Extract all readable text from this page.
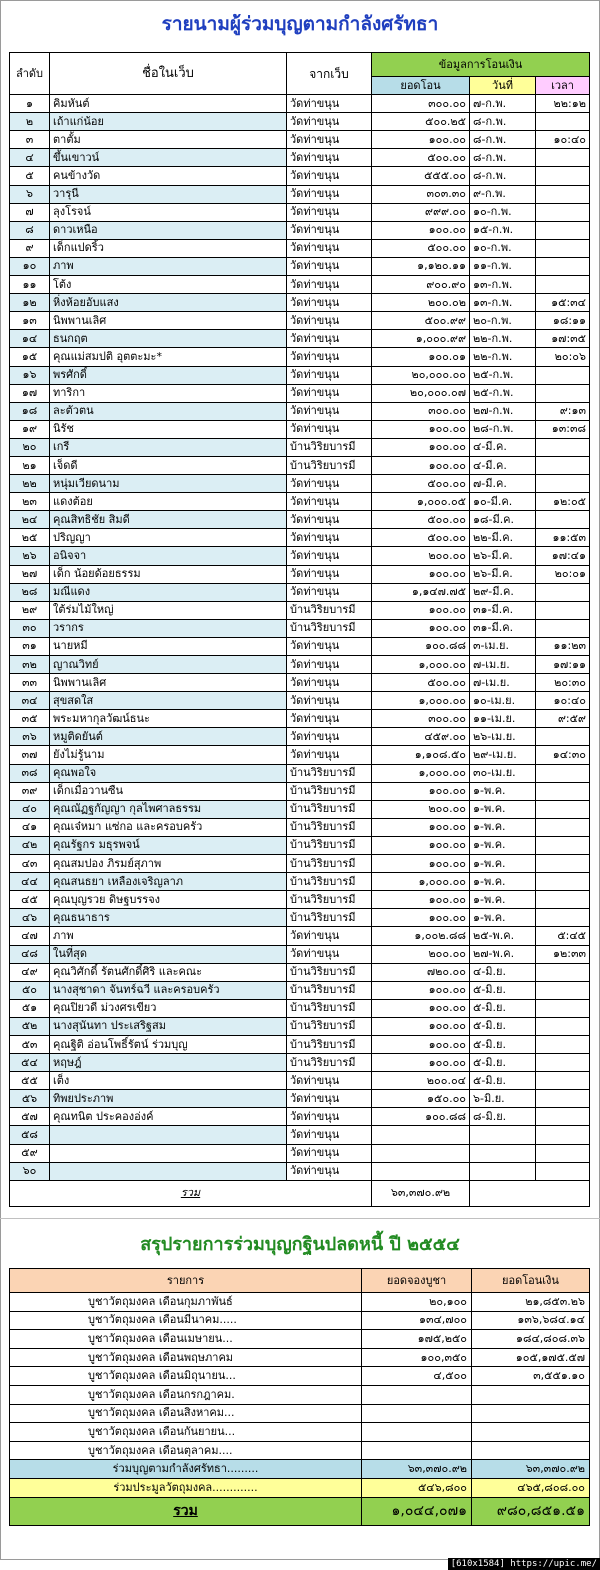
รายนามผู้ร่วมบุญตามกำลังศรัทธา
ลำดับ	ชื่อในเว็บ	จากเว็บ	ข้อมูลการโอนเงิน		
			ยอดโอน	วันที่	เวลา
๑	คิมหันต์	วัดท่าขนุน	๓๐๐.๐๐	๗-ก.พ.	๒๒:๑๒
๒	เถ้าแก่น้อย	วัดท่าขนุน	๕๐๐.๒๕	๘-ก.พ.	
๓	ตาตั้ม	วัดท่าขนุน	๑๐๐.๐๐	๘-ก.พ.	๑๐:๔๐
๔	ขึ้นเขาวน์	วัดท่าขนุน	๕๐๐.๐๐	๘-ก.พ.	
๕	คนข้างวัด	วัดท่าขนุน	๕๕๕.๐๐	๘-ก.พ.	
๖	วารุนี	วัดท่าขนุน	๓๐๓.๓๐	๙-ก.พ.	
๗	ลุงโรจน์	วัดท่าขนุน	๙๙๙.๐๐	๑๐-ก.พ.	
๘	ดาวเหนือ	วัดท่าขนุน	๑๐๐.๐๐	๑๕-ก.พ.	
๙	เด็กแปดริ้ว	วัดท่าขนุน	๕๐๐.๐๐	๑๐-ก.พ.	
๑๐	ภาพ	วัดท่าขนุน	๑,๑๒๐.๑๑	๑๑-ก.พ.	
๑๑	โต้ง	วัดท่าขนุน	๙๐๐.๙๐	๑๓-ก.พ.	
๑๒	หิ่งห้อยอับแสง	วัดท่าขนุน	๒๐๐.๐๒	๑๓-ก.พ.	๑๕:๓๔
๑๓	นิพพานเลิศ	วัดท่าขนุน	๕๐๐.๙๙	๒๐-ก.พ.	๑๘:๑๑
๑๔	ธนกฤต	วัดท่าขนุน	๑,๐๐๐.๙๙	๒๒-ก.พ.	๑๗:๓๕
๑๕	คุณแม่สมปติ อุตตะมะ*	วัดท่าขนุน	๑๐๐.๐๑	๒๒-ก.พ.	๒๐:๐๖
๑๖	พรศักดิ์	วัดท่าขนุน	๒๐,๐๐๐.๐๐	๒๕-ก.พ.	
๑๗	ทาริกา	วัดท่าขนุน	๒๐,๐๐๐.๐๗	๒๕-ก.พ.	
๑๘	ละตัวตน	วัดท่าขนุน	๓๐๐.๐๐	๒๗-ก.พ.	๙:๑๓
๑๙	นิรัช	วัดท่าขนุน	๑๐๐.๐๐	๒๘-ก.พ.	๑๓:๓๘
๒๐	เกรี	บ้านวิริยบารมี	๑๐๐.๐๐	๔-มี.ค.	
๒๑	เจ็ดดี	บ้านวิริยบารมี	๑๐๐.๐๐	๔-มี.ค.	
๒๒	หนุ่มเวียดนาม	วัดท่าขนุน	๕๐๐.๐๐	๗-มี.ค.	
๒๓	แดงต้อย	วัดท่าขนุน	๑,๐๐๐.๐๕	๑๐-มี.ค.	๑๒:๐๕
๒๔	คุณสิทธิชัย สิมดี	วัดท่าขนุน	๕๐๐.๐๐	๑๘-มี.ค.	
๒๕	ปริญญา	วัดท่าขนุน	๕๐๐.๐๐	๒๒-มี.ค.	๑๑:๕๓
๒๖	อนิจจา	วัดท่าขนุน	๒๐๐.๐๐	๒๖-มี.ค.	๑๗:๔๑
๒๗	เด็ก น้อยด้อยธรรม	วัดท่าขนุน	๑๐๐.๐๐	๒๖-มี.ค.	๒๐:๐๑
๒๘	มณีแดง	วัดท่าขนุน	๑,๑๔๗.๗๕	๒๙-มี.ค.	
๒๙	ใต้ร่มไม้ใหญ่	บ้านวิริยบารมี	๑๐๐.๐๐	๓๑-มี.ค.	
๓๐	วรากร	บ้านวิริยบารมี	๑๐๐.๐๐	๓๑-มี.ค.	
๓๑	นายหมี	วัดท่าขนุน	๑๐๐.๘๘	๓-เม.ย.	๑๑:๒๓
๓๒	ญาณวิทย์	วัดท่าขนุน	๑,๐๐๐.๐๐	๗-เม.ย.	๑๗:๑๑
๓๓	นิพพานเลิศ	วัดท่าขนุน	๕๐๐.๐๐	๗-เม.ย.	๒๐:๓๐
๓๔	สุขสดใส	วัดท่าขนุน	๑,๐๐๐.๐๐	๑๐-เม.ย.	๑๐:๔๐
๓๕	พระมหากุลวัฒน์ธนะ	วัดท่าขนุน	๓๐๐.๐๐	๑๑-เม.ย.	๙:๕๙
๓๖	หมูติดยันต์	วัดท่าขนุน	๔๕๙.๐๐	๒๖-เม.ย.	
๓๗	ยังไม่รู้นาม	วัดท่าขนุน	๑,๑๐๘.๕๐	๒๙-เม.ย.	๑๔:๓๐
๓๘	คุณพอใจ	บ้านวิริยบารมี	๑,๐๐๐.๐๐	๓๐-เม.ย.	
๓๙	เด็กเมื่อวานซืน	บ้านวิริยบารมี	๑๐๐.๐๐	๑-พ.ค.	
๔๐	คุณณัฏฐกัญญา กุลไพศาลธรรม	บ้านวิริยบารมี	๒๐๐.๐๐	๑-พ.ค.	
๔๑	คุณเจ๋หมา แซ่กอ และครอบครัว	บ้านวิริยบารมี	๑๐๐.๐๐	๑-พ.ค.	
๔๒	คุณรัฐกร มธุรพจน์	บ้านวิริยบารมี	๑๐๐.๐๐	๑-พ.ค.	
๔๓	คุณสมปอง ภิรมย์สุภาพ	บ้านวิริยบารมี	๑๐๐.๐๐	๑-พ.ค.	
๔๔	คุณสนธยา เหลืองเจริญลาภ	บ้านวิริยบารมี	๑,๐๐๐.๐๐	๑-พ.ค.	
๔๕	คุณบุญรวย ดิษฐบรรจง	บ้านวิริยบารมี	๑๐๐.๐๐	๑-พ.ค.	
๔๖	คุณธนาธาร	บ้านวิริยบารมี	๑๐๐.๐๐	๑-พ.ค.	
๔๗	ภาพ	วัดท่าขนุน	๑,๐๐๒.๘๘	๒๕-พ.ค.	๕:๔๕
๔๘	ในที่สุด	วัดท่าขนุน	๒๐๐.๐๐	๒๗-พ.ค.	๑๒:๓๓
๔๙	คุณวิศักดิ์ รัตนศักดิ์ศิริ และคณะ	บ้านวิริยบารมี	๗๒๐.๐๐	๔-มิ.ย.	
๕๐	นางสุชาดา จันทร์ฉวี และครอบครัว	บ้านวิริยบารมี	๑๐๐.๐๐	๕-มิ.ย.	
๕๑	คุณปิยวดี ม่วงศรเขียว	บ้านวิริยบารมี	๑๐๐.๐๐	๕-มิ.ย.	
๕๒	นางสุนันทา ประเสริฐสม	บ้านวิริยบารมี	๑๐๐.๐๐	๕-มิ.ย.	
๕๓	คุณฐิติ อ่อนโพธิ์รัตน์ ร่วมบุญ	บ้านวิริยบารมี	๑๐๐.๐๐	๕-มิ.ย.	
๕๔	หฤษฎ์	บ้านวิริยบารมี	๑๐๐.๐๐	๕-มิ.ย.	
๕๕	เต็ง	วัดท่าขนุน	๒๐๐.๐๔	๕-มิ.ย.	
๕๖	ทิพยประภาพ	วัดท่าขนุน	๑๕๐.๐๐	๖-มิ.ย.	
๕๗	คุณทนิต ประคองอ่งค์	วัดท่าขนุน	๑๐๐.๘๘	๘-มิ.ย.	
๕๘		วัดท่าขนุน			
๕๙		วัดท่าขนุน			
๖๐		วัดท่าขนุน			
รวม			๖๓,๓๗๐.๙๒		
สรุปรายการร่วมบุญกฐินปลดหนี้ ปี ๒๕๕๔
รายการ	ยอดจองบูชา	ยอดโอนเงิน
บูชาวัตถุมงคล เดือนกุมภาพันธ์	๒๐,๑๐๐	๒๑,๘๕๓.๒๖
บูชาวัตถุมงคล เดือนมีนาคม.....	๑๓๔,๗๐๐	๑๓๖,๖๘๔.๑๔
บูชาวัตถุมงคล เดือนเมษายน...	๑๗๕,๒๕๐	๑๘๔,๘๐๘.๓๖
บูชาวัตถุมงคล เดือนพฤษภาคม	๑๐๐,๓๕๐	๑๐๕,๑๗๕.๕๗
บูชาวัตถุมงคล เดือนมิถุนายน...	๔,๕๐๐	๓,๕๕๑.๑๐
บูชาวัตถุมงคล เดือนกรกฎาคม.		
บูชาวัตถุมงคล เดือนสิงหาคม...		
บูชาวัตถุมงคล เดือนกันยายน...		
บูชาวัตถุมงคล เดือนตุลาคม....		
ร่วมบุญตามกำลังศรัทธา.........	๖๓,๓๗๐.๙๒	๖๓,๓๗๐.๙๒
ร่วมประมูลวัตถุมงคล.............	๕๔๖,๘๐๐	๔๖๕,๘๐๘.๐๐
รวม	๑,๐๔๔,๐๗๑	๙๘๐,๘๕๑.๕๑
[610x1584] https://upic.me/
